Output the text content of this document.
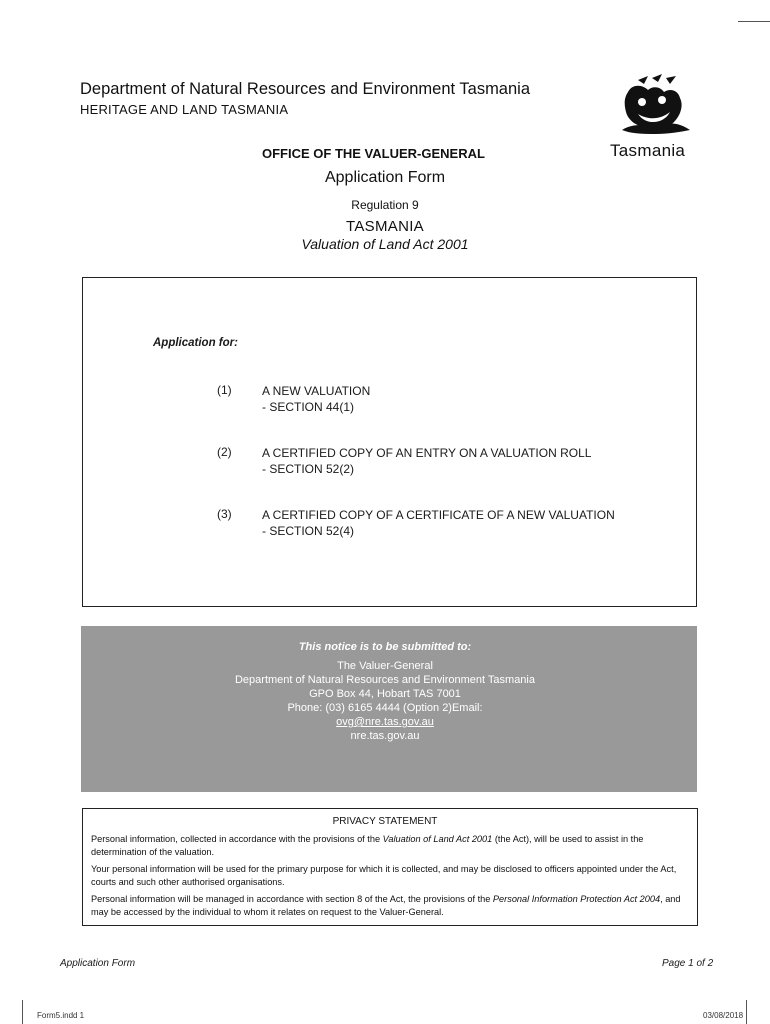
Department of Natural Resources and Environment Tasmania
HERITAGE AND LAND TASMANIA
OFFICE OF THE VALUER-GENERAL	Tasmania
Application Form
Regulation 9
TASMANIA
Valuation of Land Act 2001
Application for:
(1)	A NEW VALUATION
- SECTION 44(1)
(2)	A CERTIFIED COPY OF AN ENTRY ON A VALUATION ROLL
- SECTION 52(2)
(3)	A CERTIFIED COPY OF A CERTIFICATE OF A NEW VALUATION
- SECTION 52(4)
This notice is to be submitted to:
The Valuer-General
Department of Natural Resources and Environment Tasmania
GPO Box 44, Hobart TAS 7001
Phone: (03) 6165 4444 (Option 2)Email:
ovg@nre.tas.gov.au
nre.tas.gov.au
PRIVACY STATEMENT
Personal information, collected in accordance with the provisions of the Valuation of Land Act 2001 (the Act), will be used to assist in the determination of the valuation.
Your personal information will be used for the primary purpose for which it is collected, and may be disclosed to officers appointed under the Act, courts and such other authorised organisations.
Personal information will be managed in accordance with section 8 of the Act, the provisions of the Personal Information Protection Act 2004, and may be accessed by the individual to whom it relates on request to the Valuer-General.
Application Form	Page 1 of 2
Form5.indd 1	03/08/2018
